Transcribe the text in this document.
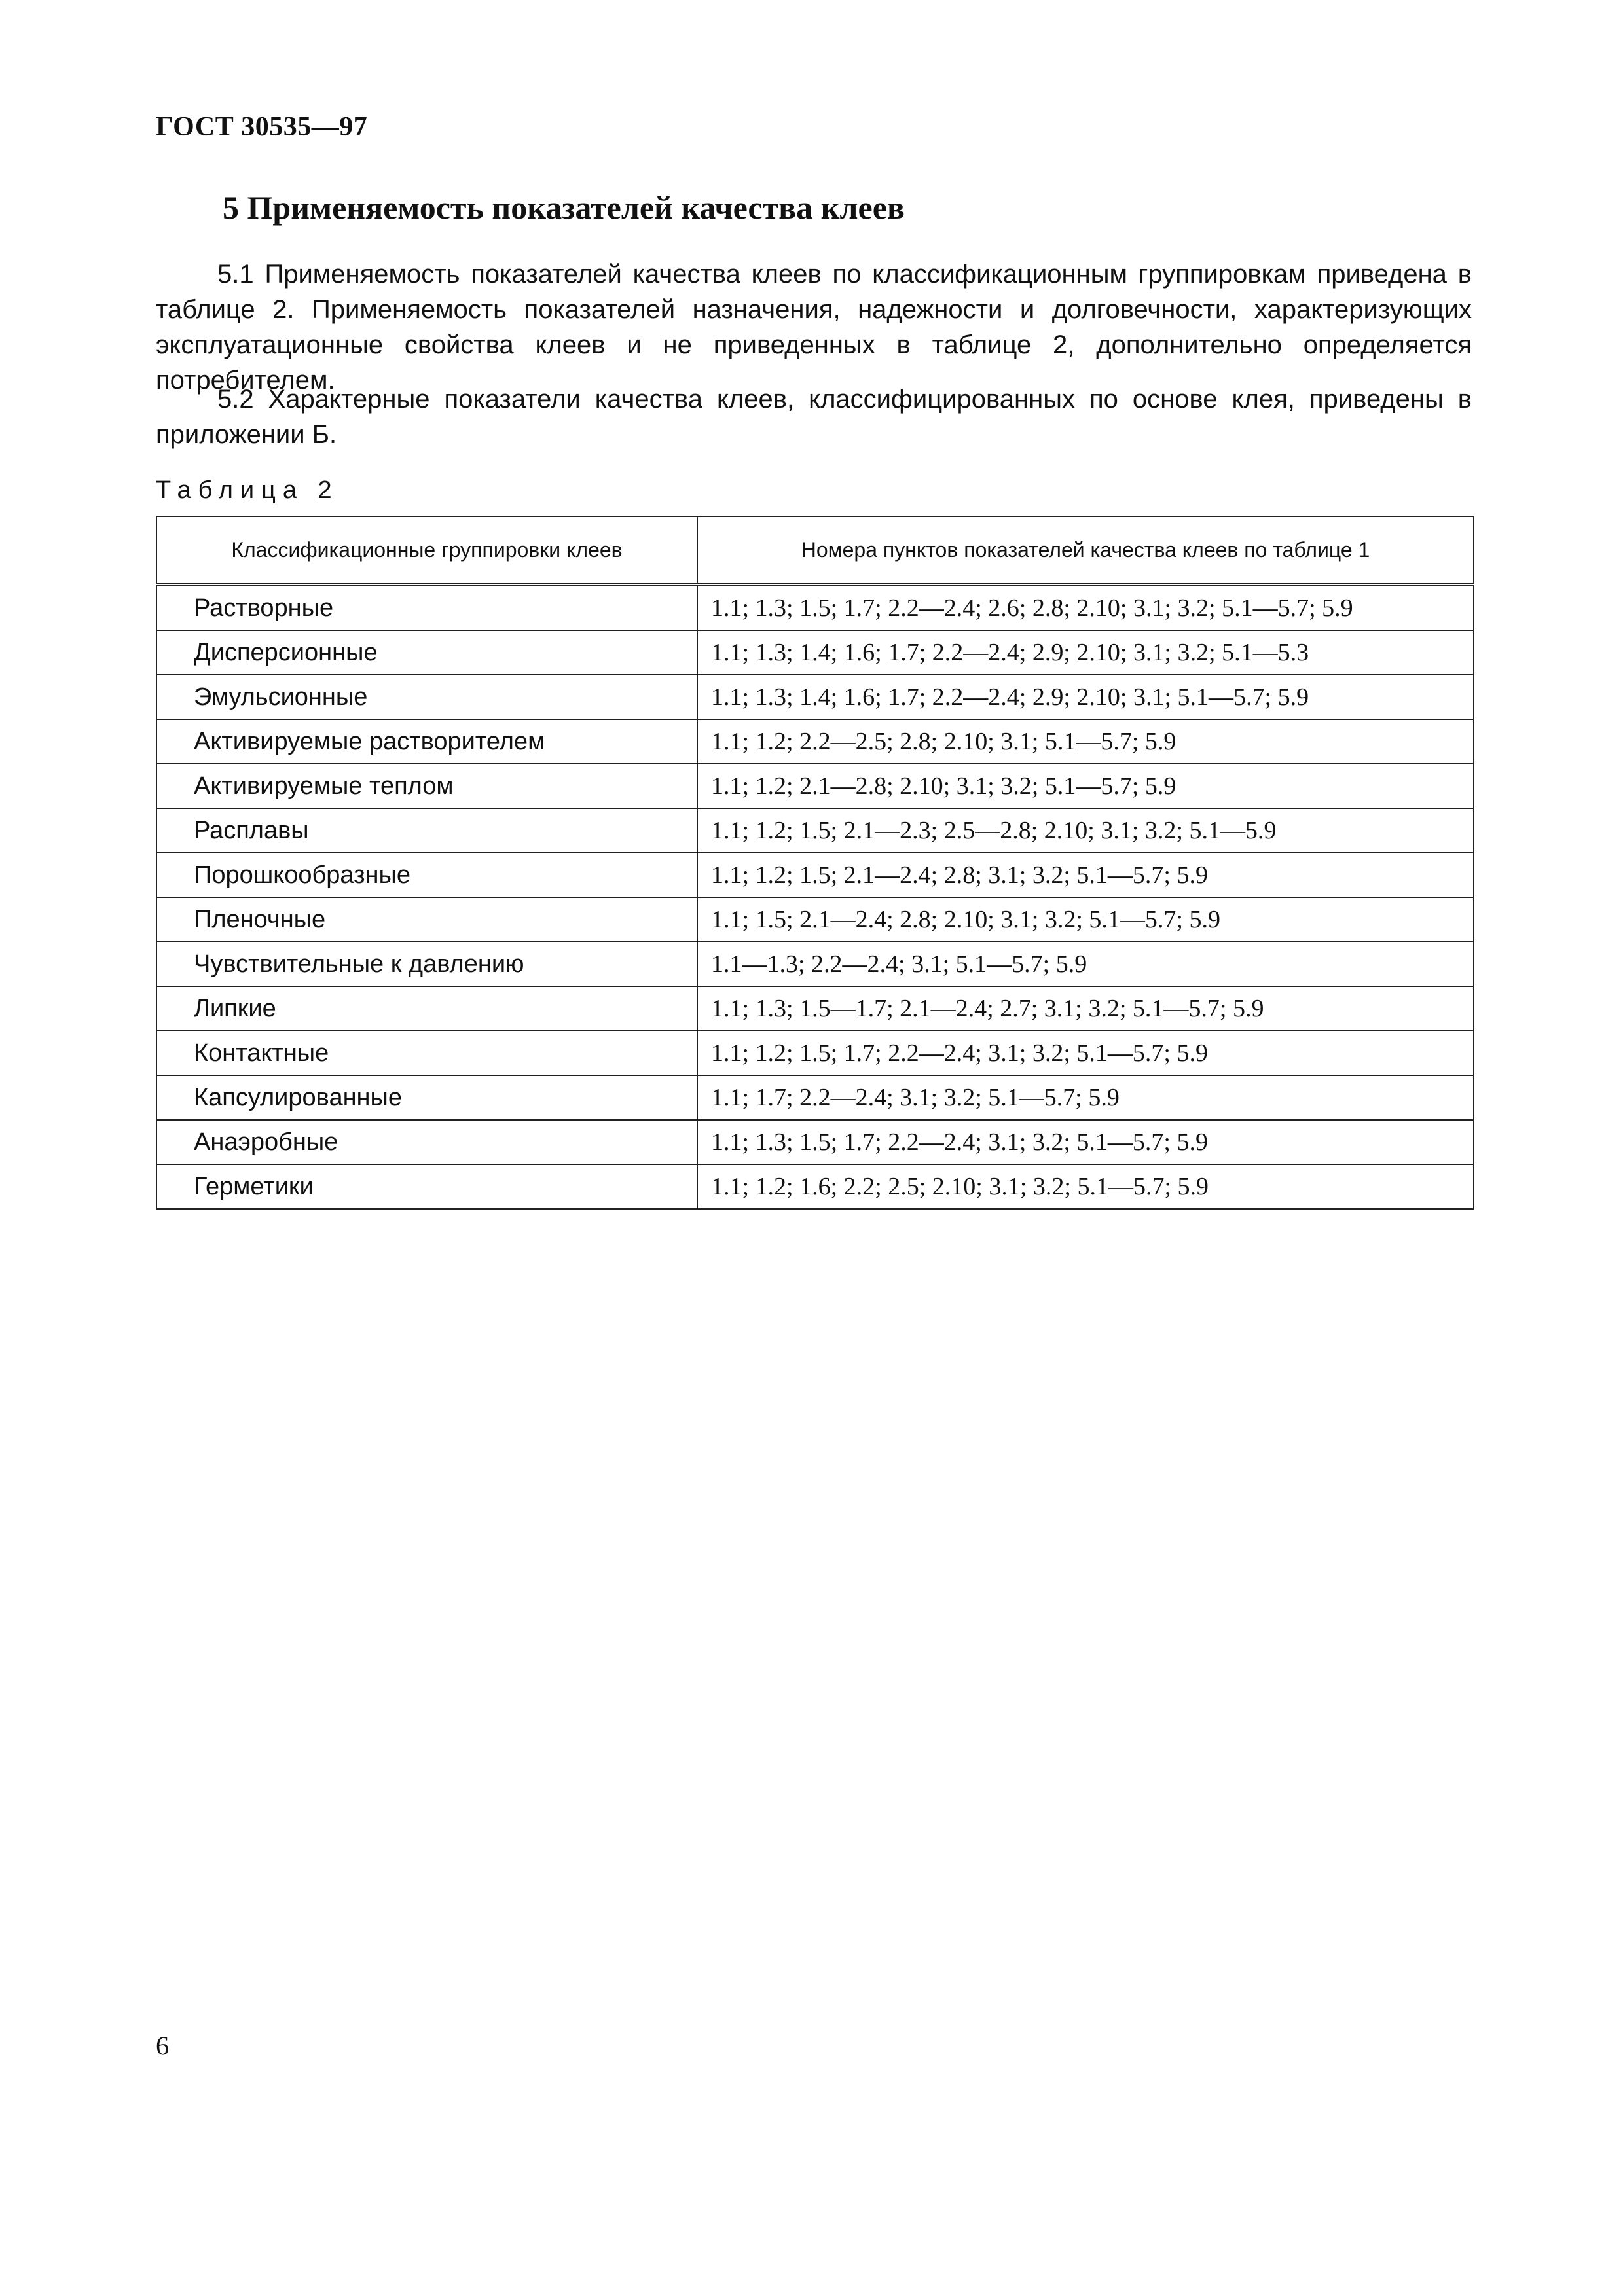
ГОСТ 30535—97
5 Применяемость показателей качества клеев

5.1 Применяемость показателей качества клеев по классификационным группировкам приведена в таблице 2. Применяемость показателей назначения, надежности и долговечности, характеризующих эксплуатационные свойства клеев и не приведенных в таблице 2, дополнительно определяется потребителем.

5.2 Характерные показатели качества клеев, классифицированных по основе клея, приведены в приложении Б.

Таблица 2
Классификационные группировки клеев	Номера пунктов показателей качества клеев по таблице 1
Растворные	1.1; 1.3; 1.5; 1.7; 2.2—2.4; 2.6; 2.8; 2.10; 3.1; 3.2; 5.1—5.7; 5.9
Дисперсионные	1.1; 1.3; 1.4; 1.6; 1.7; 2.2—2.4; 2.9; 2.10; 3.1; 3.2; 5.1—5.3
Эмульсионные	1.1; 1.3; 1.4; 1.6; 1.7; 2.2—2.4; 2.9; 2.10; 3.1; 5.1—5.7; 5.9
Активируемые растворителем	1.1; 1.2; 2.2—2.5; 2.8; 2.10; 3.1; 5.1—5.7; 5.9
Активируемые теплом	1.1; 1.2; 2.1—2.8; 2.10; 3.1; 3.2; 5.1—5.7; 5.9
Расплавы	1.1; 1.2; 1.5; 2.1—2.3; 2.5—2.8; 2.10; 3.1; 3.2; 5.1—5.9
Порошкообразные	1.1; 1.2; 1.5; 2.1—2.4; 2.8; 3.1; 3.2; 5.1—5.7; 5.9
Пленочные	1.1; 1.5; 2.1—2.4; 2.8; 2.10; 3.1; 3.2; 5.1—5.7; 5.9
Чувствительные к давлению	1.1—1.3; 2.2—2.4; 3.1; 5.1—5.7; 5.9
Липкие	1.1; 1.3; 1.5—1.7; 2.1—2.4; 2.7; 3.1; 3.2; 5.1—5.7; 5.9
Контактные	1.1; 1.2; 1.5; 1.7; 2.2—2.4; 3.1; 3.2; 5.1—5.7; 5.9
Капсулированные	1.1; 1.7; 2.2—2.4; 3.1; 3.2; 5.1—5.7; 5.9
Анаэробные	1.1; 1.3; 1.5; 1.7; 2.2—2.4; 3.1; 3.2; 5.1—5.7; 5.9
Герметики	1.1; 1.2; 1.6; 2.2; 2.5; 2.10; 3.1; 3.2; 5.1—5.7; 5.9
6
